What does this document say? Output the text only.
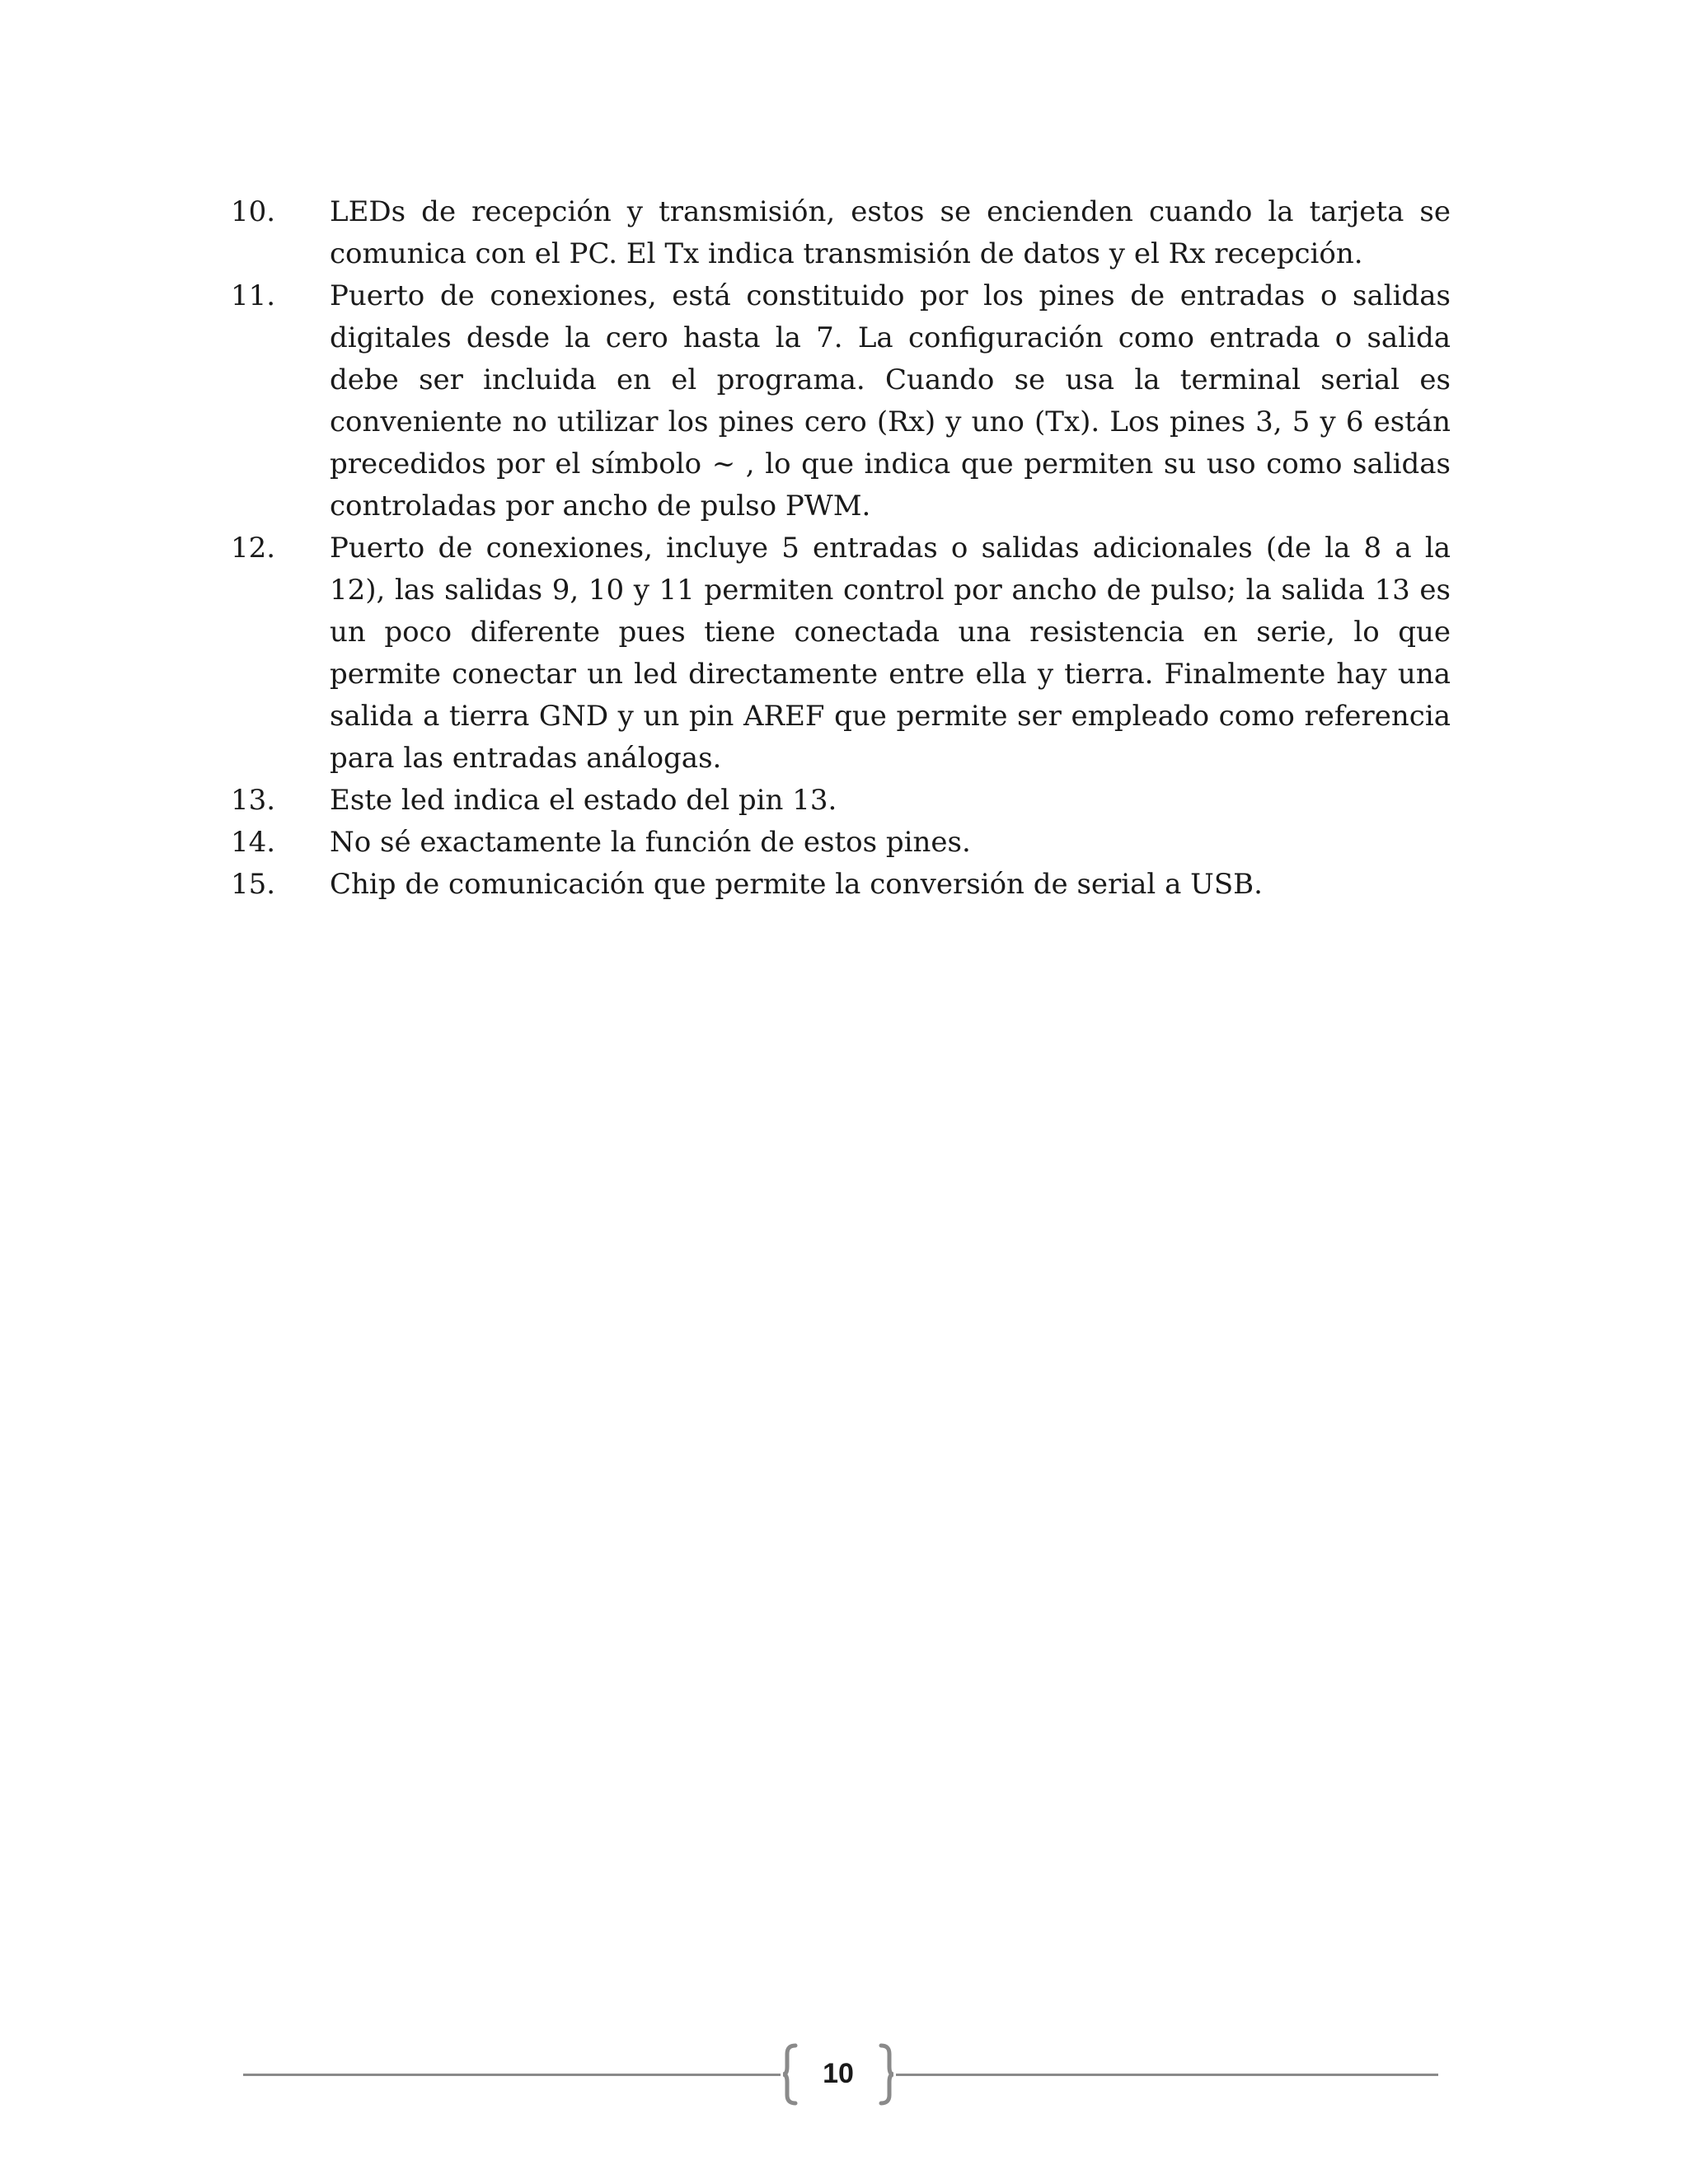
10.	LEDs de recepción y transmisión, estos se encienden cuando la tarjeta se comunica con el PC. El Tx indica transmisión de datos y el Rx recepción.
11.	Puerto de conexiones, está constituido por los pines de entradas o salidas digitales desde la cero hasta la 7. La configuración como entrada o salida debe ser incluida en el programa. Cuando se usa la terminal serial es conveniente no utilizar los pines cero (Rx) y uno (Tx). Los pines 3, 5 y 6 están precedidos por el símbolo ~ , lo que indica que permiten su uso como salidas controladas por ancho de pulso PWM.
12.	Puerto de conexiones, incluye 5 entradas o salidas adicionales (de la 8 a la 12), las salidas 9, 10 y 11 permiten control por ancho de pulso; la salida 13 es un poco diferente pues tiene conectada una resistencia en serie, lo que permite conectar un led directamente entre ella y tierra. Finalmente hay una salida a tierra GND y un pin AREF que permite ser empleado como referencia para las entradas análogas.
13.	Este led indica el estado del pin 13.
14.	No sé exactamente la función de estos pines.
15.	Chip de comunicación que permite la conversión de serial a USB.
10
